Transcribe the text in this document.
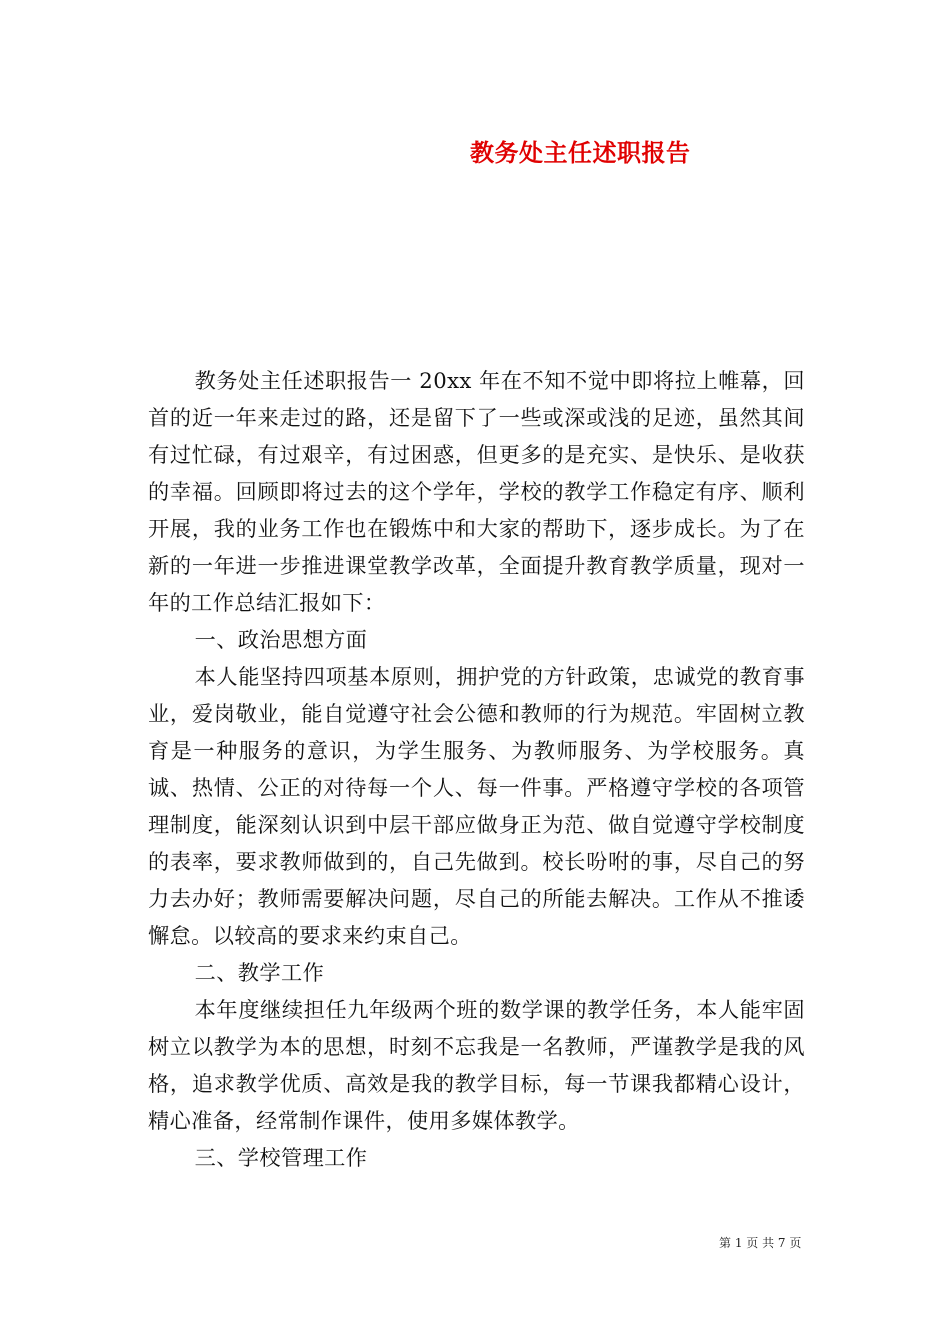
教务处主任述职报告

教务处主任述职报告一 20xx 年在不知不觉中即将拉上帷幕，回首的近一年来走过的路，还是留下了一些或深或浅的足迹，虽然其间有过忙碌，有过艰辛，有过困惑，但更多的是充实、是快乐、是收获的幸福。回顾即将过去的这个学年，学校的教学工作稳定有序、顺利开展，我的业务工作也在锻炼中和大家的帮助下，逐步成长。为了在新的一年进一步推进课堂教学改革，全面提升教育教学质量，现对一年的工作总结汇报如下：

一、政治思想方面

本人能坚持四项基本原则，拥护党的方针政策，忠诚党的教育事业，爱岗敬业，能自觉遵守社会公德和教师的行为规范。牢固树立教育是一种服务的意识，为学生服务、为教师服务、为学校服务。真诚、热情、公正的对待每一个人、每一件事。严格遵守学校的各项管理制度，能深刻认识到中层干部应做身正为范、做自觉遵守学校制度的表率，要求教师做到的，自己先做到。校长吩咐的事，尽自己的努力去办好；教师需要解决问题，尽自己的所能去解决。工作从不推诿懈怠。以较高的要求来约束自己。

二、教学工作

本年度继续担任九年级两个班的数学课的教学任务，本人能牢固树立以教学为本的思想，时刻不忘我是一名教师，严谨教学是我的风格，追求教学优质、高效是我的教学目标，每一节课我都精心设计，精心准备，经常制作课件，使用多媒体教学。

三、学校管理工作

第 1 页 共 7 页
